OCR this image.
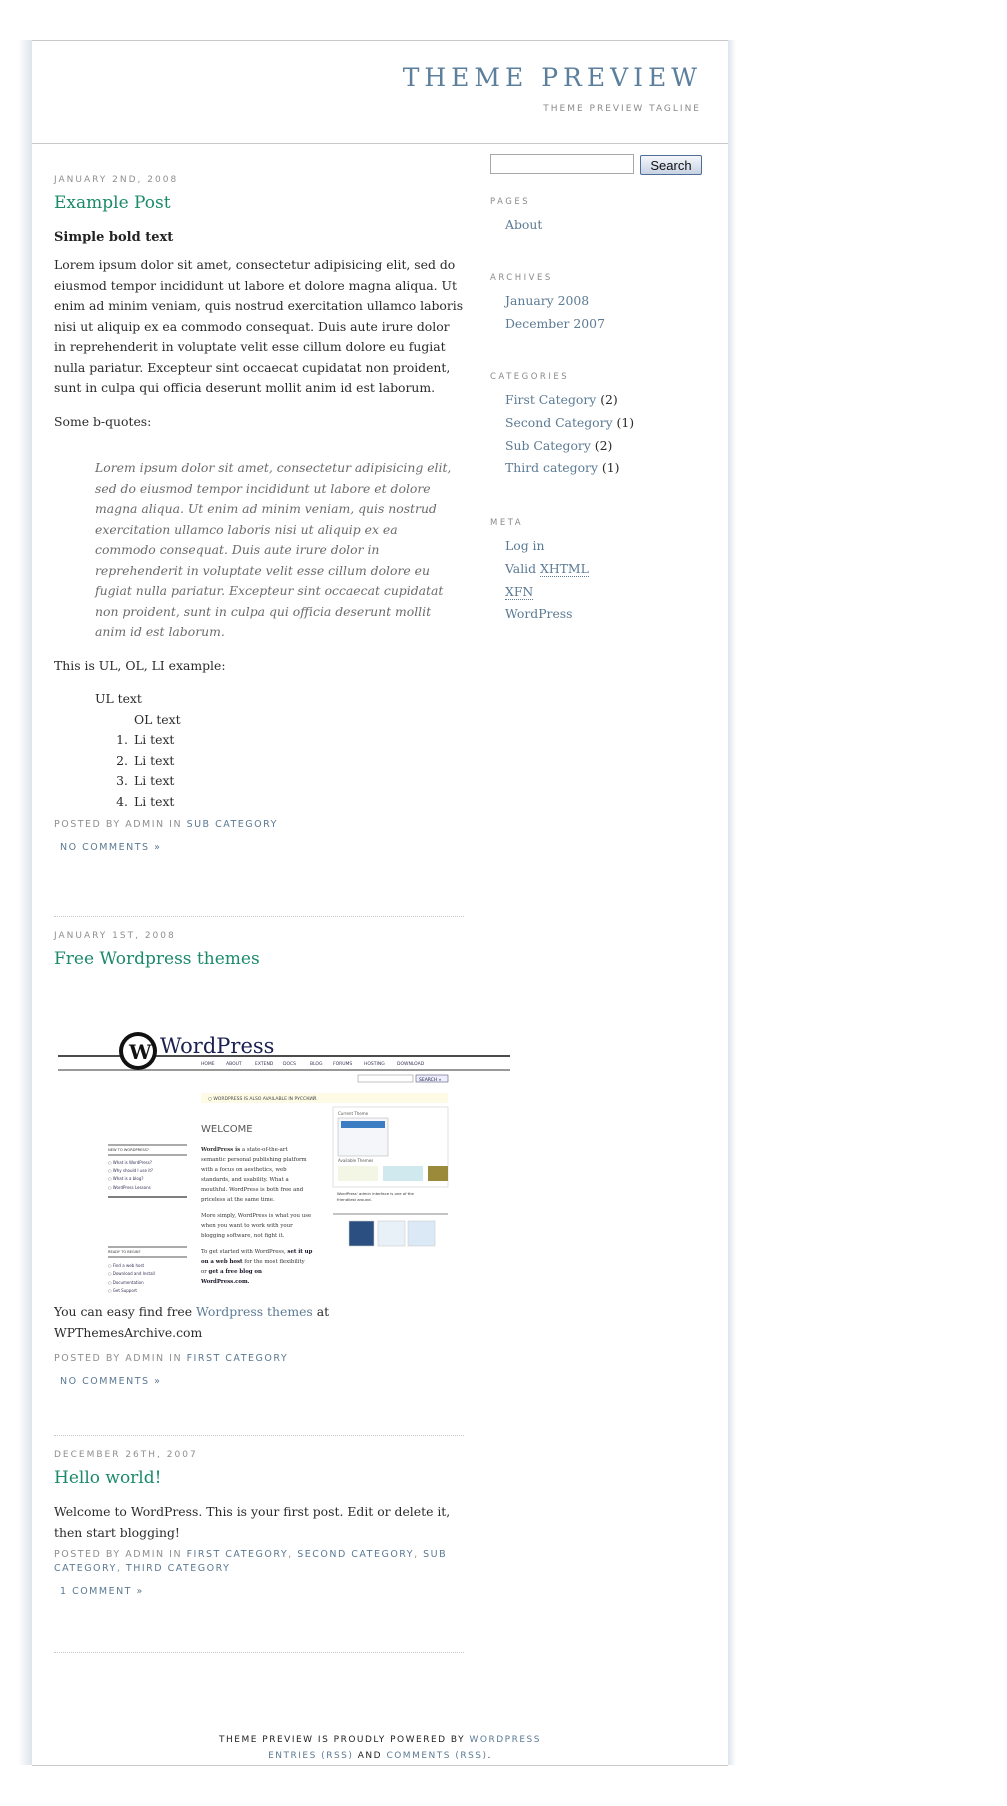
THEME PREVIEW
THEME PREVIEW TAGLINE
JANUARY 2ND, 2008
Example Post
Simple bold text
Lorem ipsum dolor sit amet, consectetur adipisicing elit, sed do eiusmod tempor incididunt ut labore et dolore magna aliqua. Ut enim ad minim veniam, quis nostrud exercitation ullamco laboris nisi ut aliquip ex ea commodo consequat. Duis aute irure dolor in reprehenderit in voluptate velit esse cillum dolore eu fugiat nulla pariatur. Excepteur sint occaecat cupidatat non proident, sunt in culpa qui officia deserunt mollit anim id est laborum.
Some b-quotes:
Lorem ipsum dolor sit amet, consectetur adipisicing elit, sed do eiusmod tempor incididunt ut labore et dolore magna aliqua. Ut enim ad minim veniam, quis nostrud exercitation ullamco laboris nisi ut aliquip ex ea commodo consequat. Duis aute irure dolor in reprehenderit in voluptate velit esse cillum dolore eu fugiat nulla pariatur. Excepteur sint occaecat cupidatat non proident, sunt in culpa qui officia deserunt mollit anim id est laborum.
This is UL, OL, LI example:
UL text
OL text
1. Li text
2. Li text
3. Li text
4. Li text
POSTED BY ADMIN IN SUB CATEGORY
NO COMMENTS »
JANUARY 1ST, 2008
Free Wordpress themes
W WordPress
HOME	ABOUT	EXTEND DOCS	BLOG FORUMS	HOSTING	DOWNLOAD
SEARCH »
○ WORDPRESS IS ALSO AVAILABLE IN РУССКИЙ.
WELCOME
NEW TO WORDPRESS?
○ What is WordPress?
○ Why should I use it?
○ What is a blog?
○ WordPress Lessons
READY TO BEGIN?
○ Find a web host
○ Download and Install
○ Documentation
○ Get Support
WordPress is a state-of-the-art
semantic personal publishing platform
with a focus on aesthetics, web
standards, and usability. What a
mouthful. WordPress is both free and
priceless at the same time.
More simply, WordPress is what you use
when you want to work with your
blogging software, not fight it.
To get started with WordPress, set it up
on a web host for the most flexibility
or get a free blog on
WordPress.com.
Current Theme
Available Themes
WordPress' admin interface is one of the
friendliest around.
You can easy find free Wordpress themes at WPThemesArchive.com
POSTED BY ADMIN IN FIRST CATEGORY
NO COMMENTS »
DECEMBER 26TH, 2007
Hello world!
Welcome to WordPress. This is your first post. Edit or delete it, then start blogging!
POSTED BY ADMIN IN FIRST CATEGORY, SECOND CATEGORY, SUB CATEGORY, THIRD CATEGORY
1 COMMENT »
Search
PAGES
About
ARCHIVES
January 2008
December 2007
CATEGORIES
First Category (2)
Second Category (1)
Sub Category (2)
Third category (1)
META
Log in
Valid XHTML
XFN
WordPress
THEME PREVIEW IS PROUDLY POWERED BY WORDPRESS
ENTRIES (RSS) AND COMMENTS (RSS).
